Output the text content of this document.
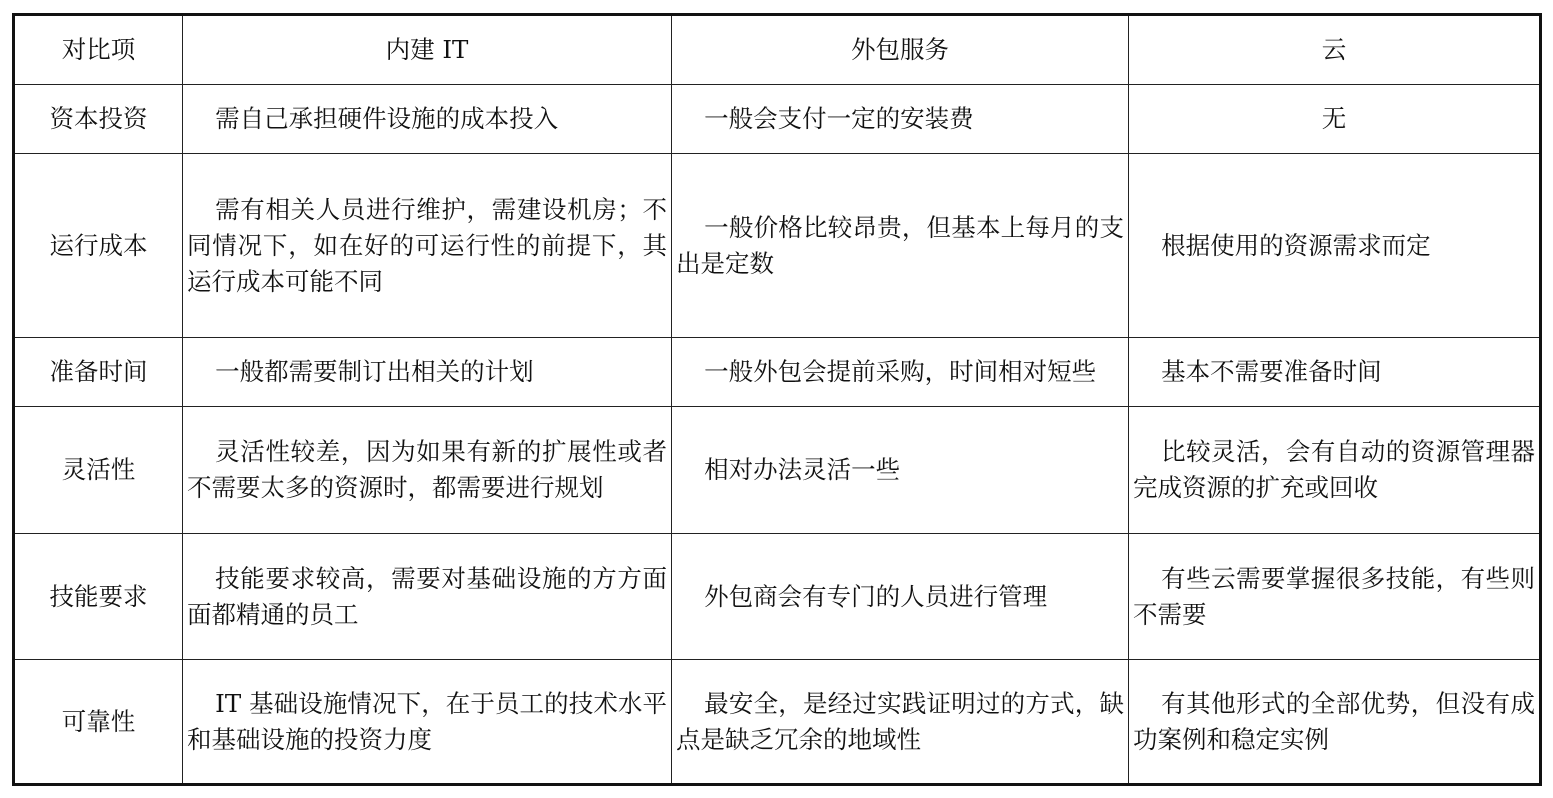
对比项	内建 IT	外包服务	云
资本投资	需自己承担硬件设施的成本投入	一般会支付一定的安装费	无
运行成本	需有相关人员进行维护，需建设机房；不同情况下，如在好的可运行性的前提下，其运行成本可能不同	一般价格比较昂贵，但基本上每月的支出是定数	根据使用的资源需求而定
准备时间	一般都需要制订出相关的计划	一般外包会提前采购，时间相对短些	基本不需要准备时间
灵活性	灵活性较差，因为如果有新的扩展性或者不需要太多的资源时，都需要进行规划	相对办法灵活一些	比较灵活，会有自动的资源管理器完成资源的扩充或回收
技能要求	技能要求较高，需要对基础设施的方方面面都精通的员工	外包商会有专门的人员进行管理	有些云需要掌握很多技能，有些则不需要
可靠性	IT 基础设施情况下，在于员工的技术水平和基础设施的投资力度	最安全，是经过实践证明过的方式，缺点是缺乏冗余的地域性	有其他形式的全部优势，但没有成功案例和稳定实例
